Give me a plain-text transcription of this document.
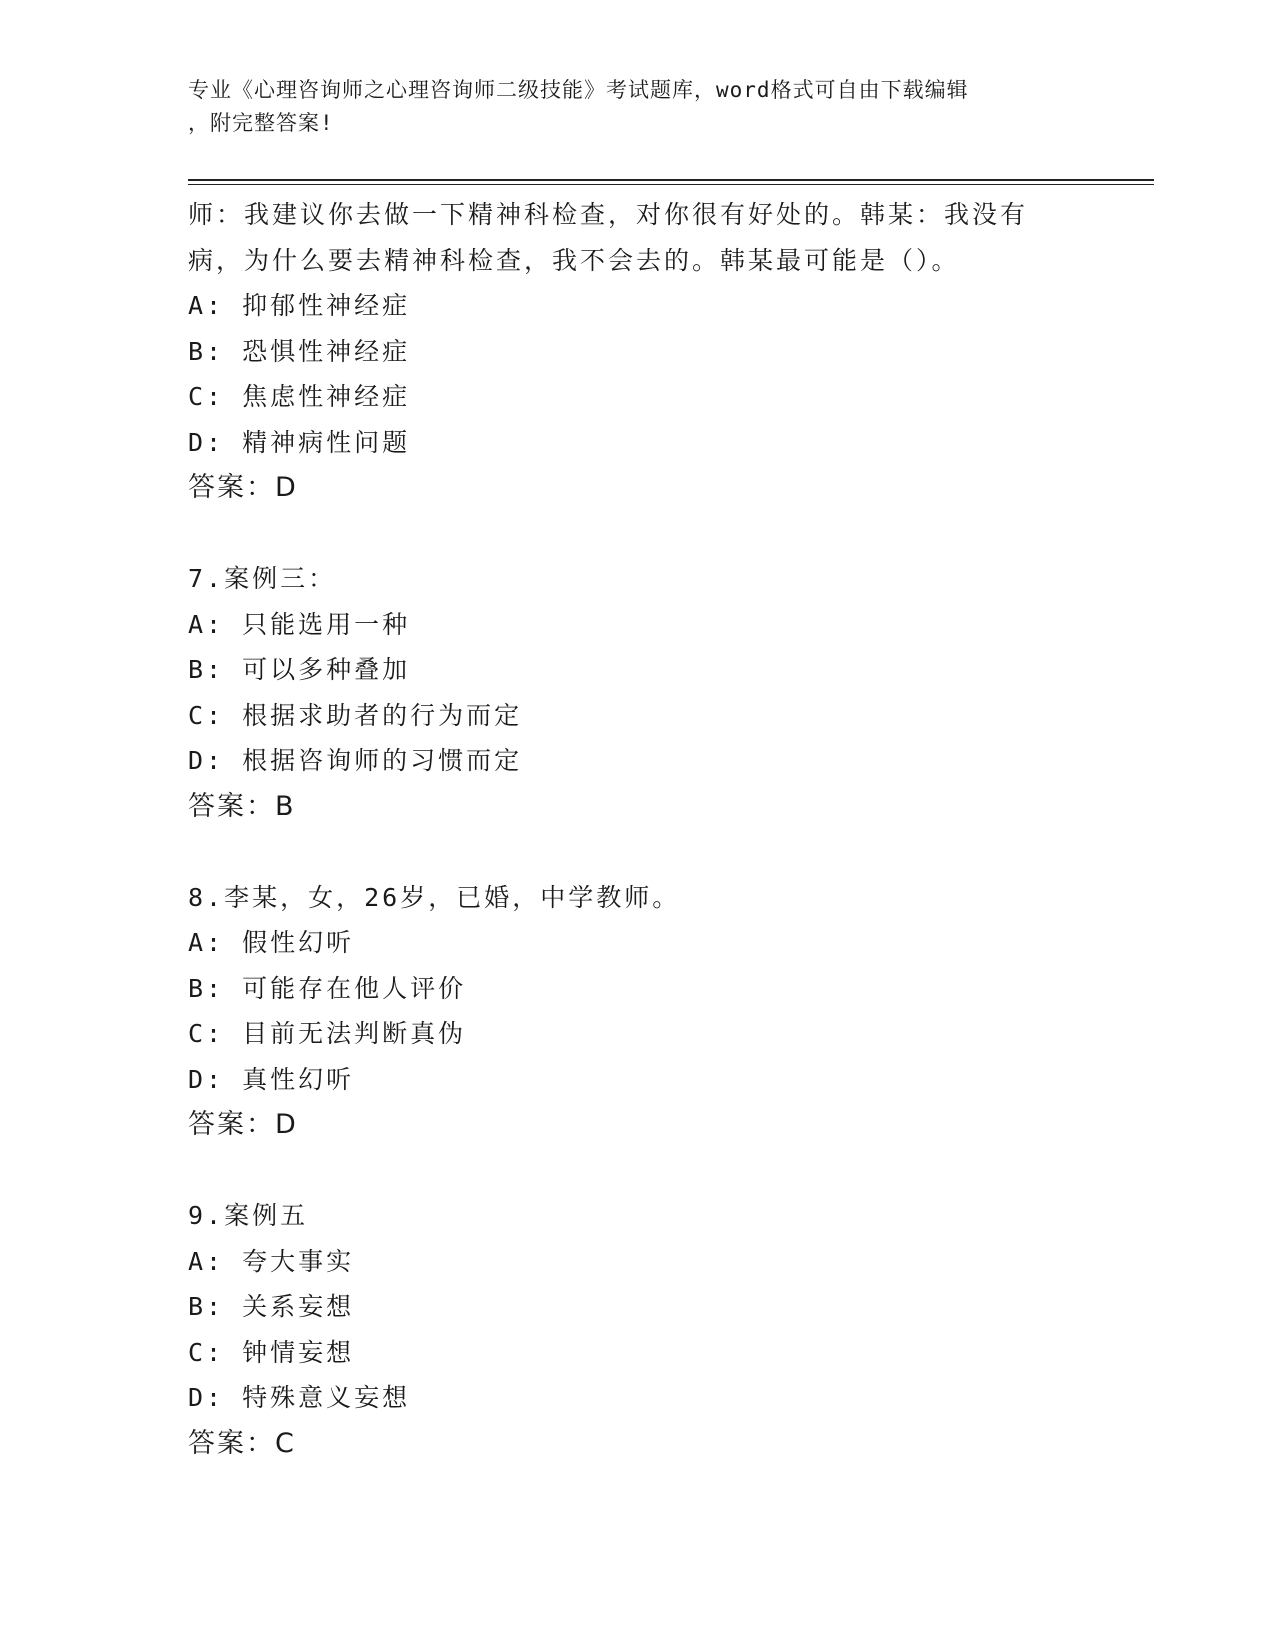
专业《心理咨询师之心理咨询师二级技能》考试题库，word格式可自由下载编辑
，附完整答案!
师：我建议你去做一下精神科检查，对你很有好处的。韩某：我没有
病，为什么要去精神科检查，我不会去的。韩某最可能是（）。
A: 抑郁性神经症
B: 恐惧性神经症
C: 焦虑性神经症
D: 精神病性问题
答案：D
7.案例三：
A: 只能选用一种
B: 可以多种叠加
C: 根据求助者的行为而定
D: 根据咨询师的习惯而定
答案：B
8.李某，女，26岁，已婚，中学教师。
A: 假性幻听
B: 可能存在他人评价
C: 目前无法判断真伪
D: 真性幻听
答案：D
9.案例五
A: 夸大事实
B: 关系妄想
C: 钟情妄想
D: 特殊意义妄想
答案：C
